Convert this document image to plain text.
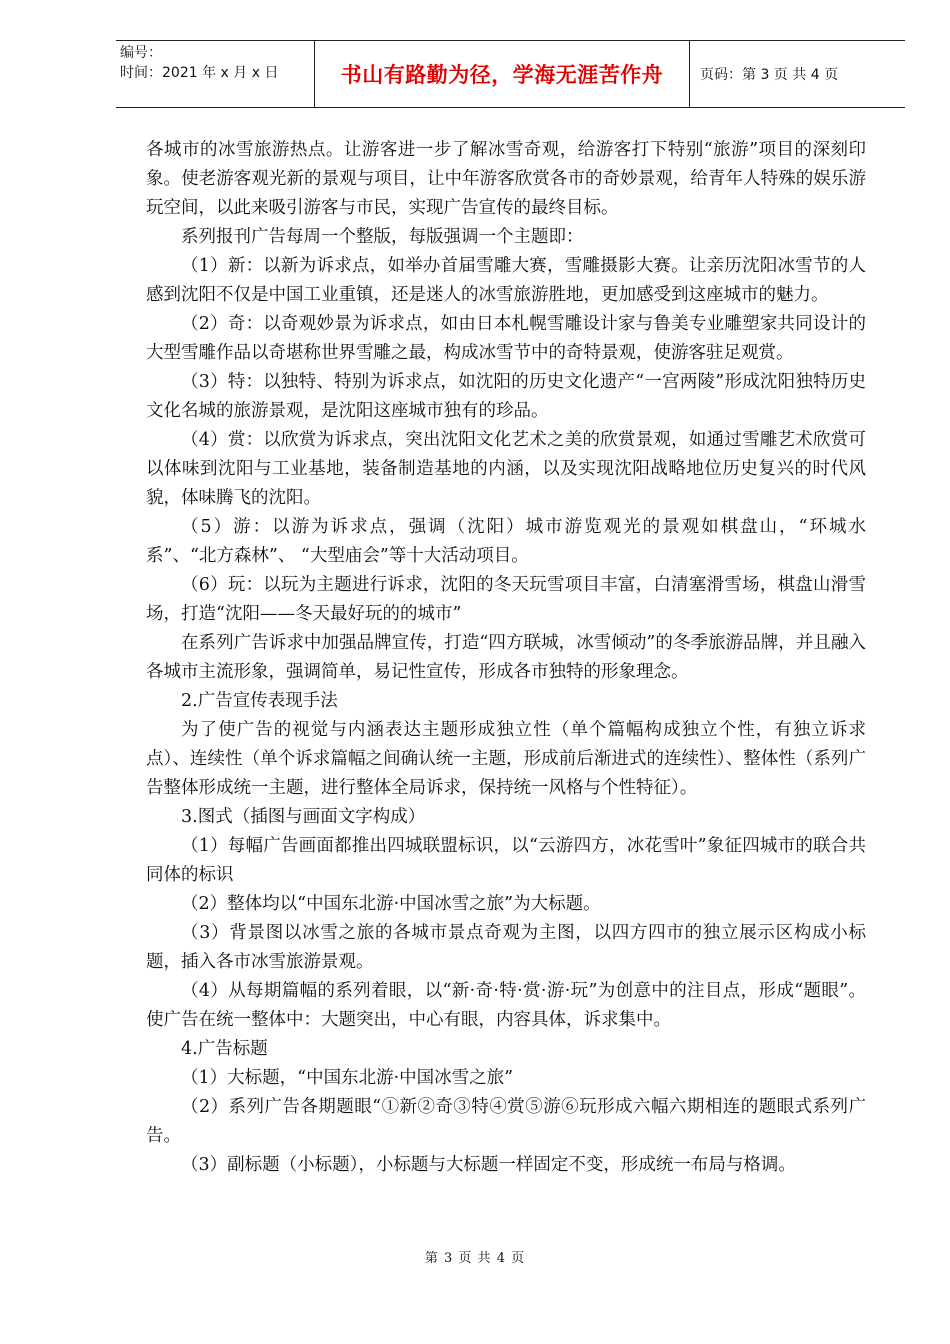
编号：
时间：2021 年 x 月 x 日	书山有路勤为径，学海无涯苦作舟	页码：第 3 页 共 4 页

各城市的冰雪旅游热点。让游客进一步了解冰雪奇观，给游客打下特别“旅游”项目的深刻印象。使老游客观光新的景观与项目，让中年游客欣赏各市的奇妙景观，给青年人特殊的娱乐游玩空间，以此来吸引游客与市民，实现广告宣传的最终目标。

系列报刊广告每周一个整版，每版强调一个主题即：

（1）新：以新为诉求点，如举办首届雪雕大赛，雪雕摄影大赛。让亲历沈阳冰雪节的人感到沈阳不仅是中国工业重镇，还是迷人的冰雪旅游胜地，更加感受到这座城市的魅力。

（2）奇：以奇观妙景为诉求点，如由日本札幌雪雕设计家与鲁美专业雕塑家共同设计的大型雪雕作品以奇堪称世界雪雕之最，构成冰雪节中的奇特景观，使游客驻足观赏。

（3）特：以独特、特别为诉求点，如沈阳的历史文化遗产“一宫两陵”形成沈阳独特历史文化名城的旅游景观，是沈阳这座城市独有的珍品。

（4）赏：以欣赏为诉求点，突出沈阳文化艺术之美的欣赏景观，如通过雪雕艺术欣赏可以体味到沈阳与工业基地，装备制造基地的内涵，以及实现沈阳战略地位历史复兴的时代风貌，体味腾飞的沈阳。

（5）游：以游为诉求点，强调（沈阳）城市游览观光的景观如棋盘山，“环城水系”、“北方森林”、 “大型庙会”等十大活动项目。

（6）玩：以玩为主题进行诉求，沈阳的冬天玩雪项目丰富，白清塞滑雪场，棋盘山滑雪场，打造“沈阳——冬天最好玩的的城市”

在系列广告诉求中加强品牌宣传，打造“四方联城，冰雪倾动”的冬季旅游品牌，并且融入各城市主流形象，强调简单，易记性宣传，形成各市独特的形象理念。

2.广告宣传表现手法

为了使广告的视觉与内涵表达主题形成独立性（单个篇幅构成独立个性，有独立诉求点）、连续性（单个诉求篇幅之间确认统一主题，形成前后渐进式的连续性）、整体性（系列广告整体形成统一主题，进行整体全局诉求，保持统一风格与个性特征）。

3.图式（插图与画面文字构成）

（1）每幅广告画面都推出四城联盟标识，以“云游四方，冰花雪叶”象征四城市的联合共同体的标识

（2）整体均以“中国东北游·中国冰雪之旅”为大标题。

（3）背景图以冰雪之旅的各城市景点奇观为主图，以四方四市的独立展示区构成小标题，插入各市冰雪旅游景观。

（4）从每期篇幅的系列着眼，以“新·奇·特·赏·游·玩”为创意中的注目点，形成“题眼”。使广告在统一整体中：大题突出，中心有眼，内容具体，诉求集中。

4.广告标题

（1）大标题，“中国东北游·中国冰雪之旅”

（2）系列广告各期题眼“①新②奇③特④赏⑤游⑥玩形成六幅六期相连的题眼式系列广告。

（3）副标题（小标题），小标题与大标题一样固定不变，形成统一布局与格调。

第 3 页 共 4 页
